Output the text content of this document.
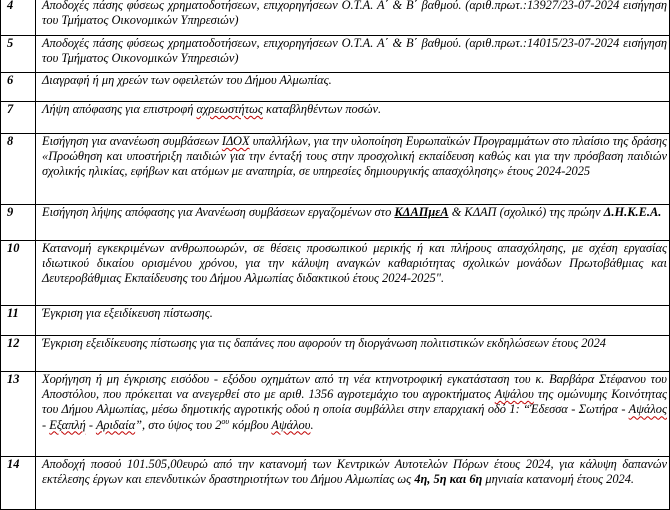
4	Αποδοχές πάσης φύσεως χρηματοδοτήσεων, επιχορηγήσεων Ο.Τ.Α. Α΄ & Β΄ βαθμού. (αριθ.πρωτ.:13927/23-07-2024 εισήγηση του Τμήματος Οικονομικών Υπηρεσιών)
5	Αποδοχές πάσης φύσεως χρηματοδοτήσεων, επιχορηγήσεων Ο.Τ.Α. Α΄ & Β΄ βαθμού. (αριθ.πρωτ.:14015/23-07-2024 εισήγηση του Τμήματος Οικονομικών Υπηρεσιών)
6	Διαγραφή ή μη χρεών των οφειλετών του Δήμου Αλμωπίας.
7	Λήψη απόφασης για επιστροφή αχρεωστήτως καταβληθέντων ποσών.
8	Εισήγηση για ανανέωση συμβάσεων ΙΔΟΧ υπαλλήλων, για την υλοποίηση Ευρωπαϊκών Προγραμμάτων στο πλαίσιο της δράσης «Προώθηση και υποστήριξη παιδιών για την ένταξή τους στην προσχολική εκπαίδευση καθώς και για την πρόσβαση παιδιών σχολικής ηλικίας, εφήβων και ατόμων με αναπηρία, σε υπηρεσίες δημιουργικής απασχόλησης» έτους 2024-2025
9	Εισήγηση λήψης απόφασης για Ανανέωση συμβάσεων εργαζομένων στο ΚΔΑΠμεΑ & ΚΔΑΠ (σχολικό) της πρώην Δ.Η.Κ.Ε.Α.
10	Κατανομή εγκεκριμένων ανθρωποωρών, σε θέσεις προσωπικού μερικής ή και πλήρους απασχόλησης, με σχέση εργασίας ιδιωτικού δικαίου ορισμένου χρόνου, για την κάλυψη αναγκών καθαριότητας σχολικών μονάδων Πρωτοβάθμιας και Δευτεροβάθμιας Εκπαίδευσης του Δήμου Αλμωπίας διδακτικού έτους 2024-2025".
11	Έγκριση για εξειδίκευση πίστωσης.
12	Έγκριση εξειδίκευσης πίστωσης για τις δαπάνες που αφορούν τη διοργάνωση πολιτιστικών εκδηλώσεων έτους 2024
13	Χορήγηση ή μη έγκρισης εισόδου - εξόδου οχημάτων από τη νέα κτηνοτροφική εγκατάσταση του κ. Βαρβάρα Στέφανου του Αποστόλου, που πρόκειται να ανεγερθεί στο με αριθ. 1356 αγροτεμάχιο του αγροκτήματος Αψάλου της ομώνυμης Κοινότητας του Δήμου Αλμωπίας, μέσω δημοτικής αγροτικής οδού η οποία συμβάλλει στην επαρχιακή οδό 1: “Έδεσσα - Σωτήρα - Αψάλος - Εξαπλή - Αριδαία”, στο ύψος του $2^{o\upsilon}$ κόμβου Αψάλου.
14	Αποδοχή ποσού 101.505,00ευρώ από την κατανομή των Κεντρικών Αυτοτελών Πόρων έτους 2024, για κάλυψη δαπανών εκτέλεσης έργων και επενδυτικών δραστηριοτήτων του Δήμου Αλμωπίας ως 4η, 5η και 6η μηνιαία κατανομή έτους 2024.
